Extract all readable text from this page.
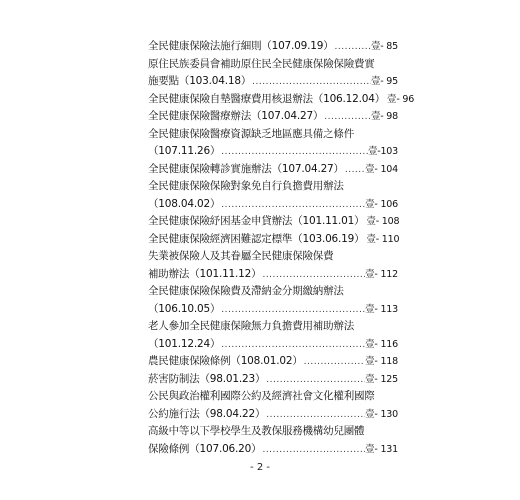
全民健康保險法施行細則（107.09.19） .....	壹- 85
原住民族委員會補助原住民全民健康保險保險費實
施要點（103.04.18） .....	壹- 95
全民健康保險自墊醫療費用核退辦法（106.12.04） ..... 壹- 96
全民健康保險醫療辦法（107.04.27） .....	壹- 98
全民健康保險醫療資源缺乏地區應具備之條件
（107.11.26） .....	壹-103
全民健康保險轉診實施辦法（107.04.27） ..... 壹- 104
全民健康保險保險對象免自行負擔費用辦法
（108.04.02） .....	壹- 106
全民健康保險紓困基金申貸辦法（101.11.01） ..... 壹- 108
全民健康保險經濟困難認定標準（103.06.19） ..... 壹- 110
失業被保險人及其眷屬全民健康保險保費
補助辦法（101.11.12） .....	壹- 112
全民健康保險保險費及滯納金分期繳納辦法
（106.10.05） .....	壹- 113
老人參加全民健康保險無力負擔費用補助辦法
（101.12.24） .....	壹- 116
農民健康保險條例（108.01.02） .....	壹- 118
菸害防制法（98.01.23） .....	壹- 125
公民與政治權利國際公約及經濟社會文化權利國際
公約施行法（98.04.22） .....	壹- 130
高級中等以下學校學生及教保服務機構幼兒團體
保險條例（107.06.20） .....	壹- 131
- 2 -
